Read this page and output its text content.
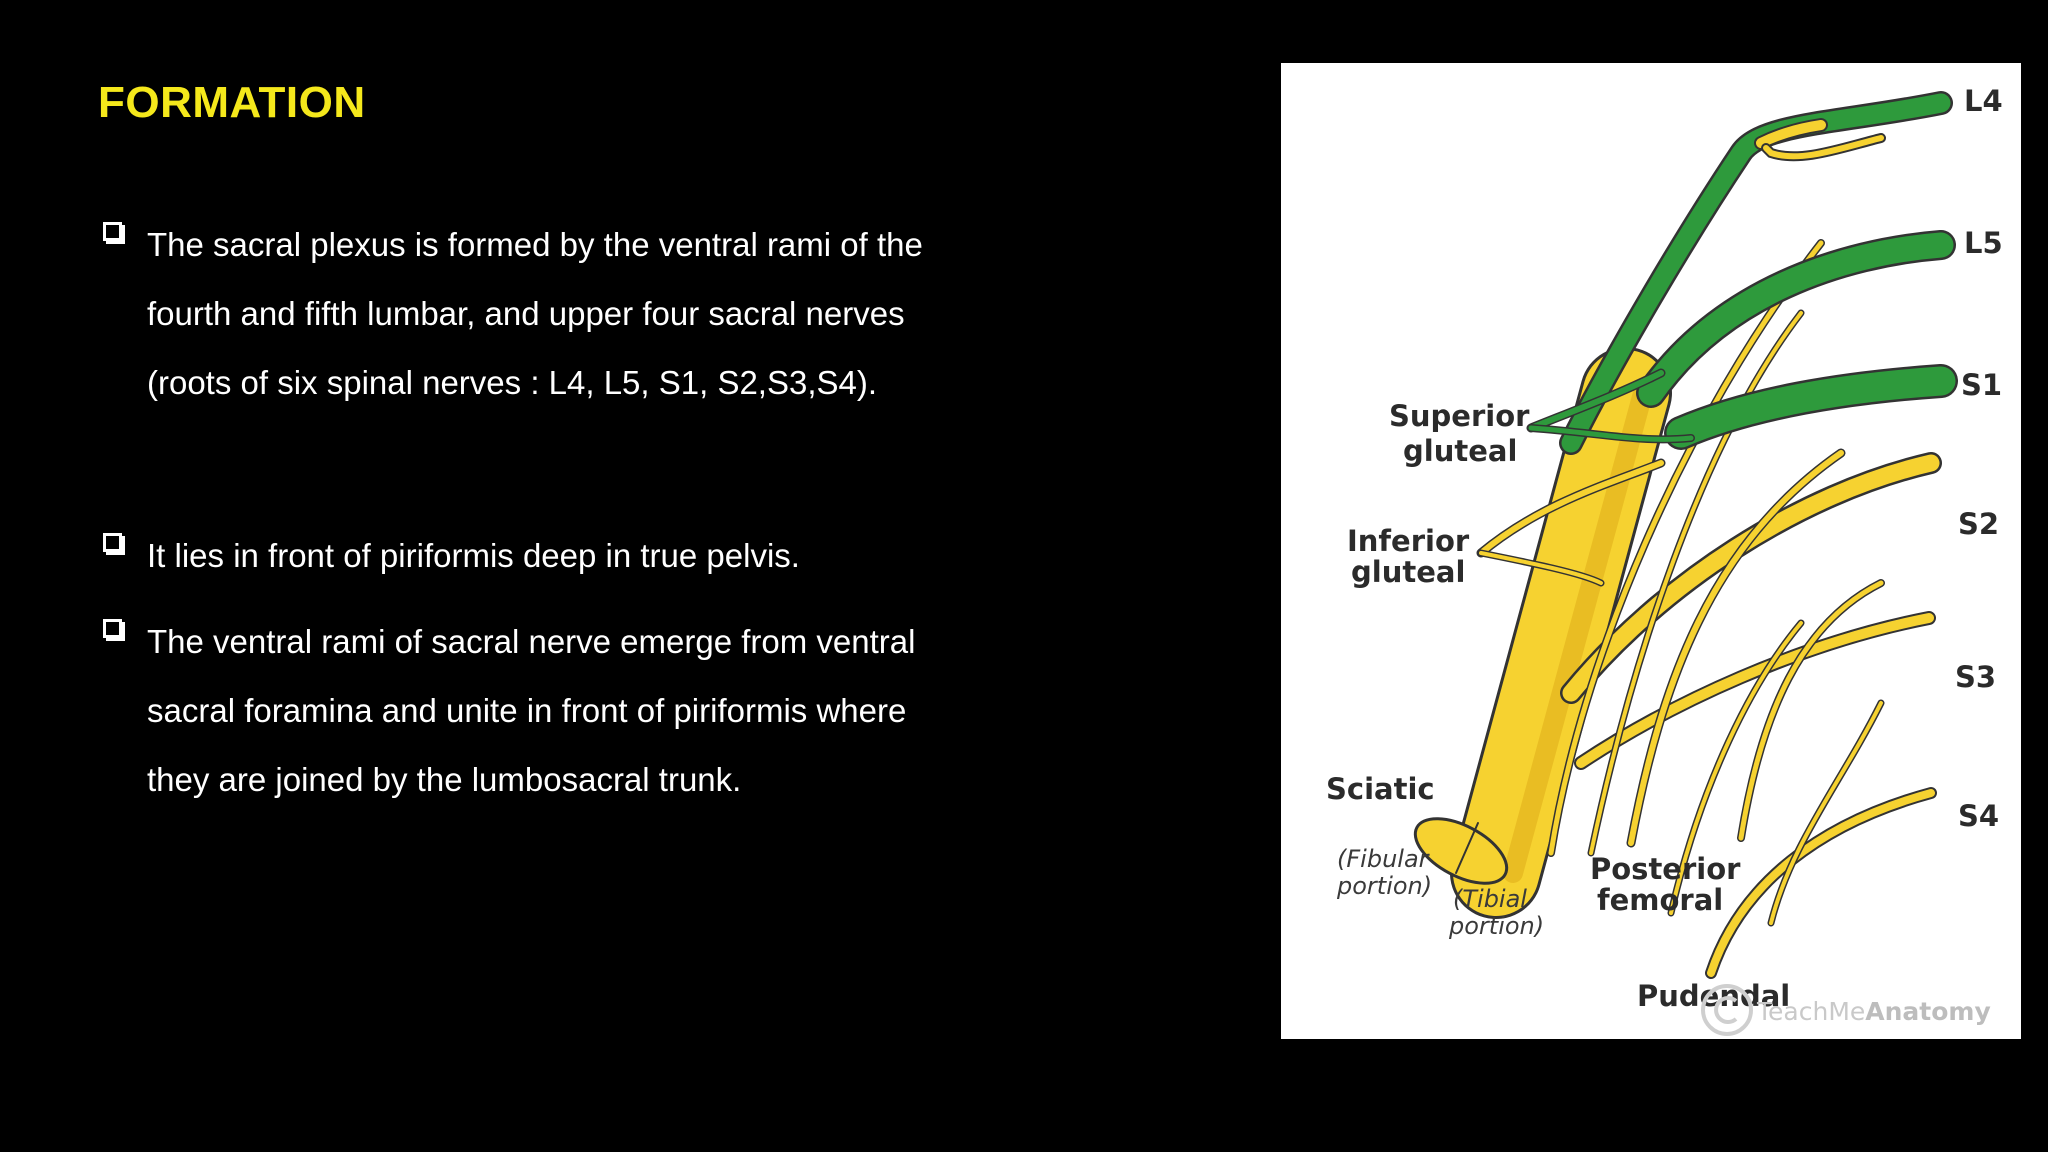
FORMATION
The sacral plexus is formed by the ventral rami of the
fourth and fifth lumbar, and upper four sacral nerves
(roots of six spinal nerves : L4, L5, S1, S2,S3,S4).
It lies in front of piriformis deep in true pelvis.
The ventral rami of sacral nerve emerge from ventral
sacral foramina and unite in front of piriformis where
they are joined by the lumbosacral trunk.
L4
L5
S1
S2
S3
S4
Superior
gluteal
Inferior
gluteal
Sciatic
(Fibular
portion) (Tibial
portion)
Posterior
femoral
Pudendal
TeachMeAnatomy
